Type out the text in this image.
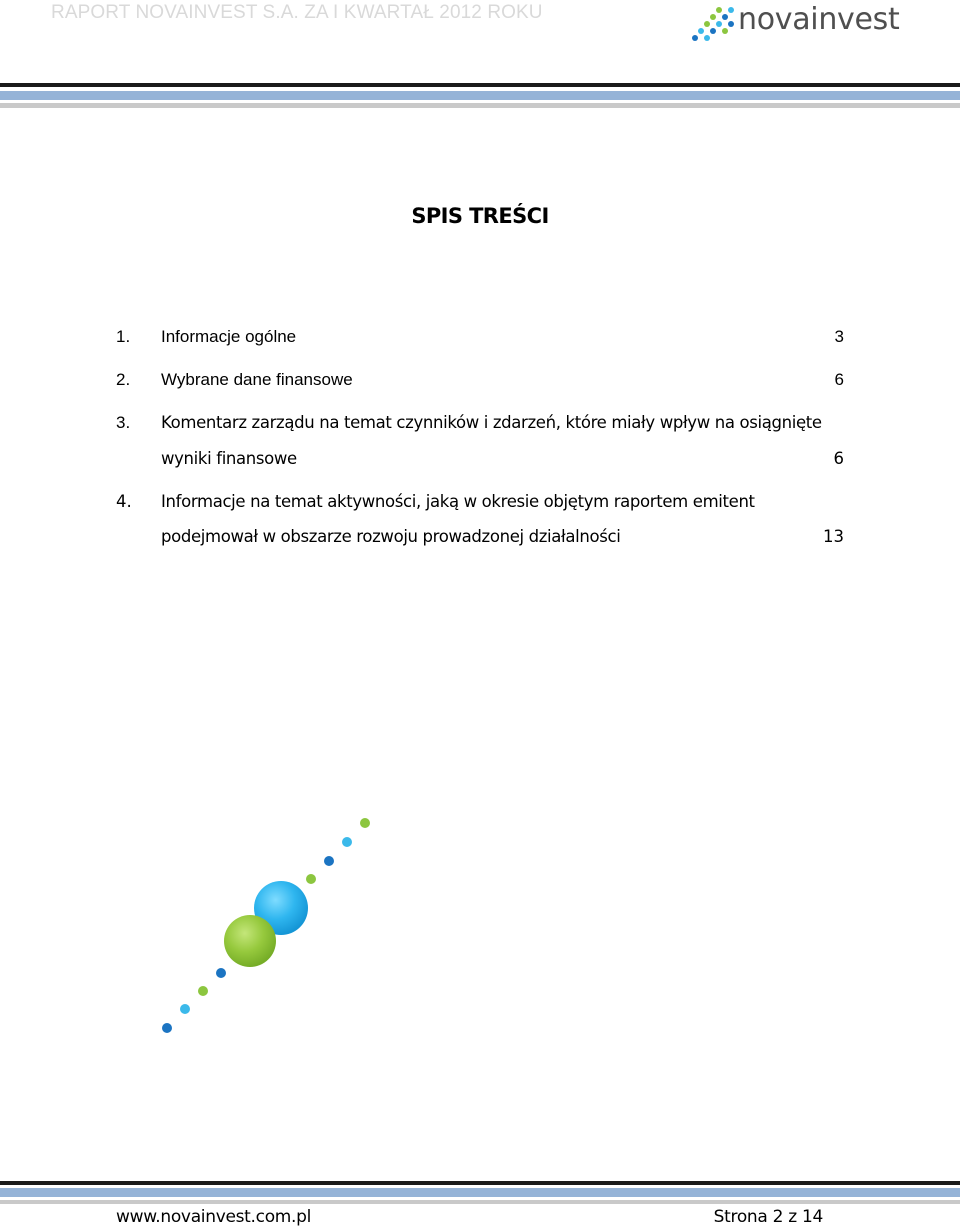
RAPORT NOVAINVEST S.A. ZA I KWARTAŁ 2012 ROKU	novainvest
SPIS TREŚCI
1. Informacje ogólne	3
2. Wybrane dane finansowe	6
3. Komentarz zarządu na temat czynników i zdarzeń, które miały wpływ na osiągnięte
wyniki finansowe	6
4. Informacje na temat aktywności, jaką w okresie objętym raportem emitent
podejmował w obszarze rozwoju prowadzonej działalności	13
www.novainvest.com.pl	Strona 2 z 14
